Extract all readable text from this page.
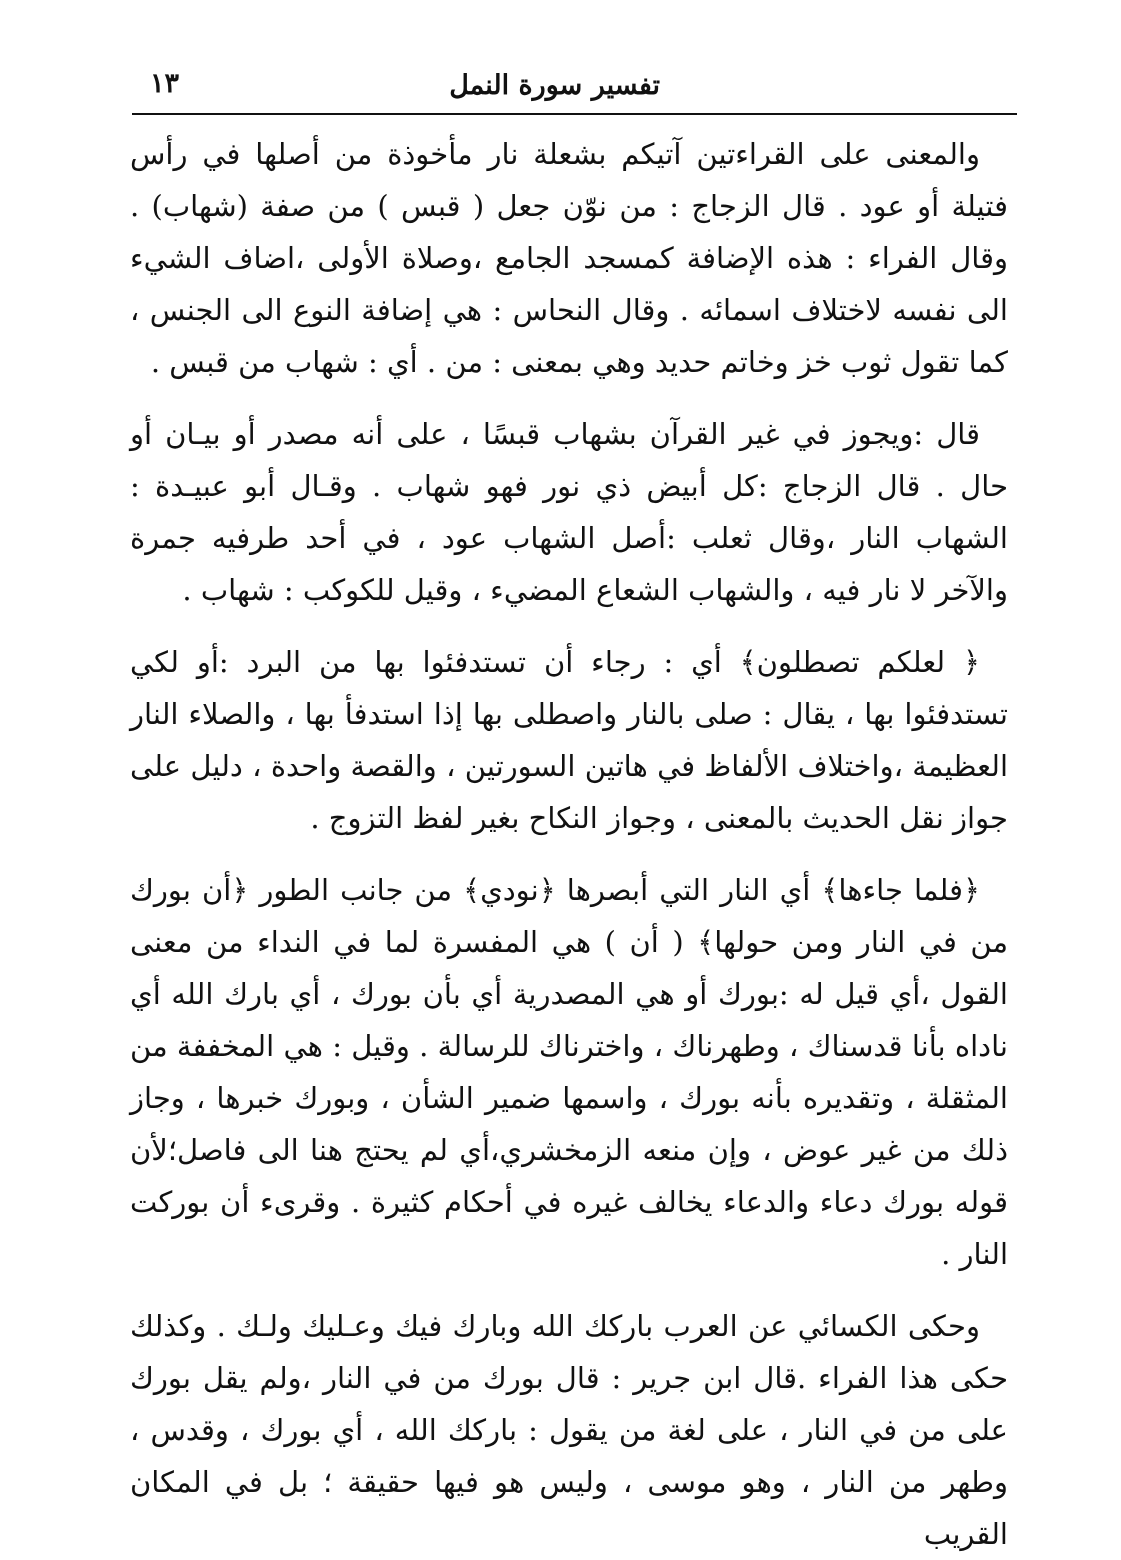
تفسير سورة النمل
١٣

والمعنى على القراءتين آتيكم بشعلة نار مأخوذة من أصلها في رأس فتيلة أو عود . قال الزجاج : من نوّن جعل ( قبس ) من صفة (شهاب) . وقال الفراء : هذه الإضافة كمسجد الجامع ،وصلاة الأولى ،اضاف الشيء الى نفسه لاختلاف اسمائه . وقال النحاس : هي إضافة النوع الى الجنس ، كما تقول ثوب خز وخاتم حديد وهي بمعنى : من . أي : شهاب من قبس .

قال :ويجوز في غير القرآن بشهاب قبسًا ، على أنه مصدر أو بيـان أو حال . قال الزجاج :كل أبيض ذي نور فهو شهاب . وقـال أبو عبيـدة : الشهاب النار ،وقال ثعلب :أصل الشهاب عود ، في أحد طرفيه جمرة والآخر لا نار فيه ، والشهاب الشعاع المضيء ، وقيل للكوكب : شهاب .

﴿ لعلكم تصطلون﴾ أي : رجاء أن تستدفئوا بها من البرد :أو لكي تستدفئوا بها ، يقال : صلى بالنار واصطلى بها إذا استدفأ بها ، والصلاء النار العظيمة ،واختلاف الألفاظ في هاتين السورتين ، والقصة واحدة ، دليل على جواز نقل الحديث بالمعنى ، وجواز النكاح بغير لفظ التزوج .

﴿فلما جاءها﴾ أي النار التي أبصرها ﴿نودي﴾ من جانب الطور ﴿أن بورك من في النار ومن حولها﴾ ( أن ) هي المفسرة لما في النداء من معنى القول ،أي قيل له :بورك أو هي المصدرية أي بأن بورك ، أي بارك الله أي ناداه بأنا قدسناك ، وطهرناك ، واخترناك للرسالة . وقيل : هي المخففة من المثقلة ، وتقديره بأنه بورك ، واسمها ضمير الشأن ، وبورك خبرها ، وجاز ذلك من غير عوض ، وإن منعه الزمخشري،أي لم يحتج هنا الى فاصل؛لأن قوله بورك دعاء والدعاء يخالف غيره في أحكام كثيرة . وقرىء أن بوركت النار .

وحكى الكسائي عن العرب باركك الله وبارك فيك وعـليك ولـك . وكذلك حكى هذا الفراء .قال ابن جرير : قال بورك من في النار ،ولم يقل بورك على من في النار ، على لغة من يقول : باركك الله ، أي بورك ، وقدس ، وطهر من النار ، وهو موسى ، وليس هو فيها حقيقة ؛ بل في المكان القريب
